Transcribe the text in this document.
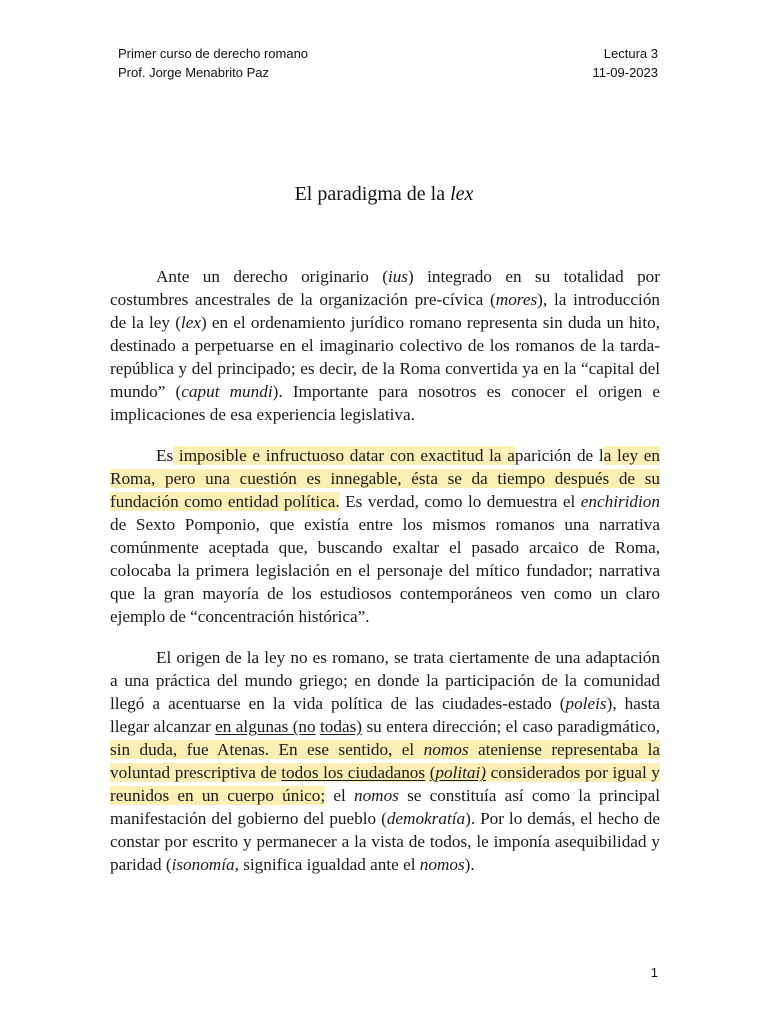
Primer curso de derecho romano	Lectura 3
Prof. Jorge Menabrito Paz	11-09-2023
El paradigma de la lex

Ante un derecho originario (ius) integrado en su totalidad por costumbres ancestrales de la organización pre-cívica (mores), la introducción de la ley (lex) en el ordenamiento jurídico romano representa sin duda un hito, destinado a perpetuarse en el imaginario colectivo de los romanos de la tarda-república y del principado; es decir, de la Roma convertida ya en la “capital del mundo” (caput mundi). Importante para nosotros es conocer el origen e implicaciones de esa experiencia legislativa.

Es imposible e infructuoso datar con exactitud la aparición de la ley en Roma, pero una cuestión es innegable, ésta se da tiempo después de su fundación como entidad política. Es verdad, como lo demuestra el enchiridion de Sexto Pomponio, que existía entre los mismos romanos una narrativa comúnmente aceptada que, buscando exaltar el pasado arcaico de Roma, colocaba la primera legislación en el personaje del mítico fundador; narrativa que la gran mayoría de los estudiosos contemporáneos ven como un claro ejemplo de “concentración histórica”.

El origen de la ley no es romano, se trata ciertamente de una adaptación a una práctica del mundo griego; en donde la participación de la comunidad llegó a acentuarse en la vida política de las ciudades-estado (poleis), hasta llegar alcanzar en algunas (no todas) su entera dirección; el caso paradigmático, sin duda, fue Atenas. En ese sentido, el nomos ateniense representaba la voluntad prescriptiva de todos los ciudadanos (politai) considerados por igual y reunidos en un cuerpo único; el nomos se constituía así como la principal manifestación del gobierno del pueblo (demokratía). Por lo demás, el hecho de constar por escrito y permanecer a la vista de todos, le imponía asequibilidad y paridad (isonomía, significa igualdad ante el nomos).

1
